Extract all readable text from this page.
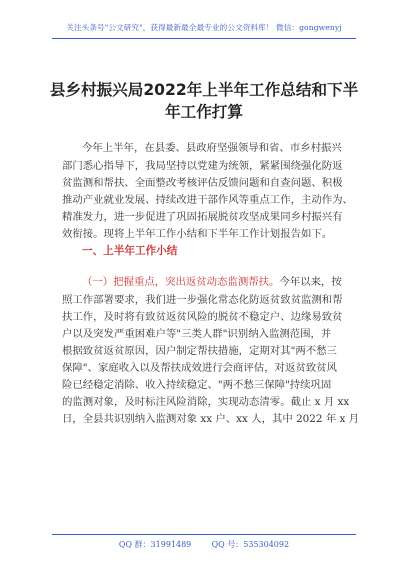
关注头条号"公文研究"，获得最新最全最专业的公文资料库！ 微信：gongwenyj
县乡村振兴局2022年上半年工作总结和下半
年工作打算
今年上半年，在县委、县政府坚强领导和省、市乡村振兴
部门悉心指导下，我局坚持以党建为统领，紧紧围绕强化防返
贫监测和帮扶、全面整改考核评估反馈问题和自查问题、积极
推动产业就业发展、持续改进干部作风等重点工作，主动作为、
精准发力，进一步促进了巩固拓展脱贫攻坚成果同乡村振兴有
效衔接。现将上半年工作小结和下半年工作计划报告如下。
一、上半年工作小结
（一）把握重点，突出返贫动态监测帮扶。今年以来，按
照工作部署要求，我们进一步强化常态化防返贫致贫监测和帮
扶工作，及时将有致贫返贫风险的脱贫不稳定户、边缘易致贫
户以及突发严重困难户等"三类人群"识别纳入监测范围，并
根据致贫返贫原因，因户制定帮扶措施，定期对其"两不愁三
保障"、家庭收入以及帮扶成效进行会商评估，对返贫致贫风
险已经稳定消除、收入持续稳定、"两不愁三保障"持续巩固
的监测对象，及时标注风险消除，实现动态清零。截止 x 月 xx
日，全县共识别纳入监测对象 xx 户、xx 人，其中 2022 年 x 月
QQ 群：31991489        QQ 号：535304092
